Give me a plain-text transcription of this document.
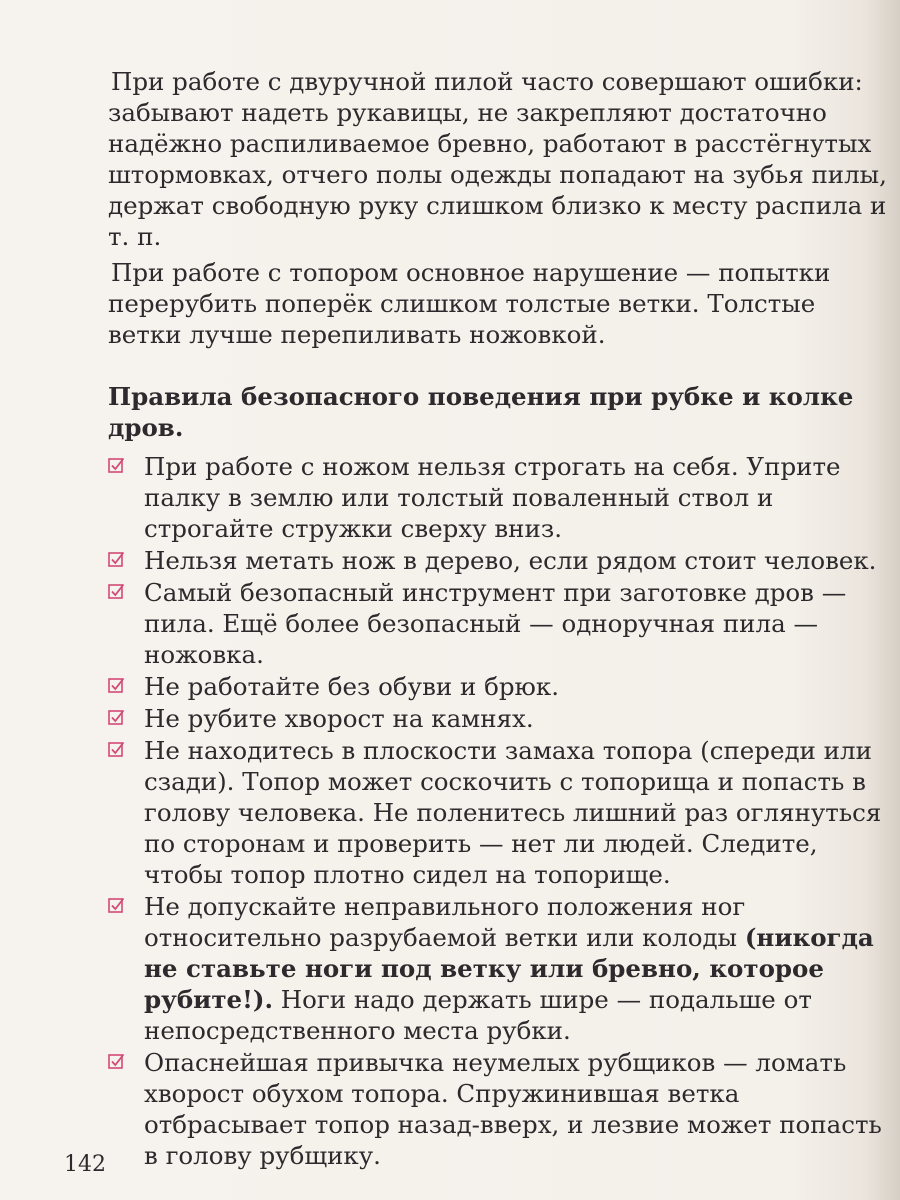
При работе с двуручной пилой часто совершают ошибки: забывают надеть рукавицы, не закрепляют достаточно надёжно распиливаемое бревно, работают в расстёгнутых штормовках, отчего полы одежды попадают на зубья пилы, держат свободную руку слишком близко к месту распила и т. п.

При работе с топором основное нарушение — попытки перерубить поперёк слишком толстые ветки. Толстые ветки лучше перепиливать ножовкой.

Правила безопасного поведения при рубке и колке дров.

При работе с ножом нельзя строгать на себя. Уприте палку в землю или толстый поваленный ствол и строгайте стружки сверху вниз.
Нельзя метать нож в дерево, если рядом стоит человек.
Самый безопасный инструмент при заготовке дров — пила. Ещё более безопасный — одноручная пила — ножовка.
Не работайте без обуви и брюк.
Не рубите хворост на камнях.
Не находитесь в плоскости замаха топора (спереди или сзади). Топор может соскочить с топорища и попасть в голову человека. Не поленитесь лишний раз оглянуться по сторонам и проверить — нет ли людей. Следите, чтобы топор плотно сидел на топорище.
Не допускайте неправильного положения ног относительно разрубаемой ветки или колоды (никогда не ставьте ноги под ветку или бревно, которое рубите!). Ноги надо держать шире — подальше от непосредственного места рубки.
Опаснейшая привычка неумелых рубщиков — ломать хворост обухом топора. Спружинившая ветка отбрасывает топор назад-вверх, и лезвие может попасть в голову рубщику.
142
